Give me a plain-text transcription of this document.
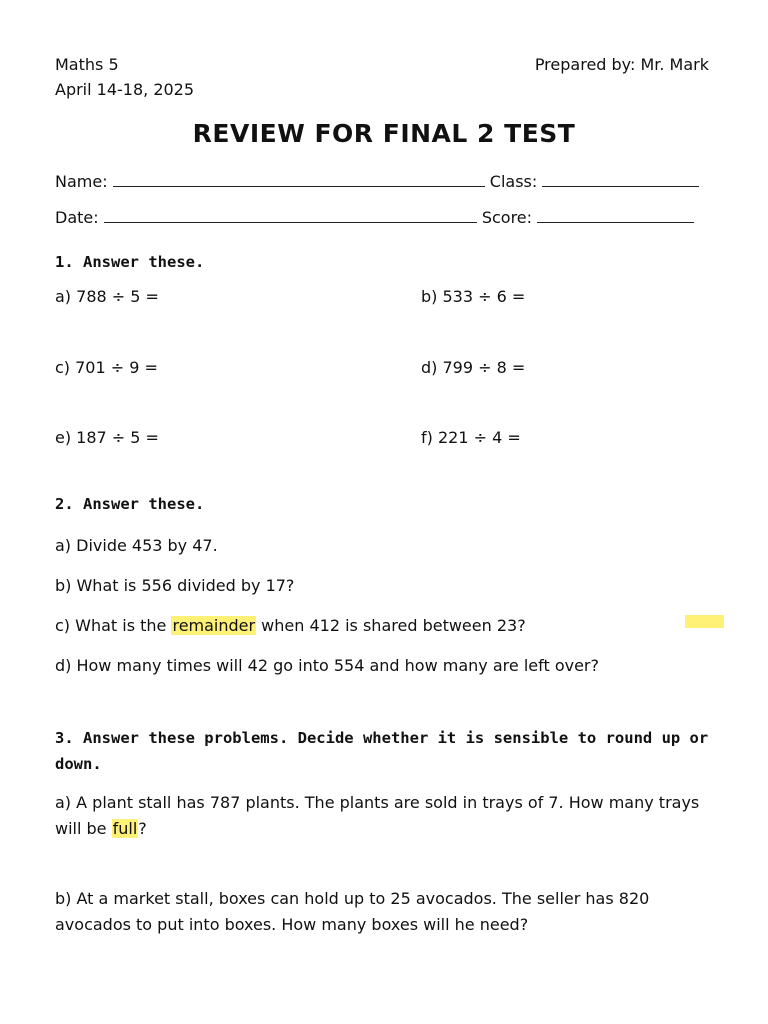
Maths 5	Prepared by: Mr. Mark
April 14-18, 2025
REVIEW FOR FINAL 2 TEST
Name:	Class:
Date:	Score:
1. Answer these.
a) 788 ÷ 5 =	b) 533 ÷ 6 =
c) 701 ÷ 9 =	d) 799 ÷ 8 =
e) 187 ÷ 5 =	f) 221 ÷ 4 =
2. Answer these.
a) Divide 453 by 47.
b) What is 556 divided by 17?
c) What is the remainder when 412 is shared between 23?
d) How many times will 42 go into 554 and how many are left over?
3. Answer these problems. Decide whether it is sensible to round up or down.
a) A plant stall has 787 plants. The plants are sold in trays of 7. How many trays will be full?
b) At a market stall, boxes can hold up to 25 avocados. The seller has 820 avocados to put into boxes. How many boxes will he need?
